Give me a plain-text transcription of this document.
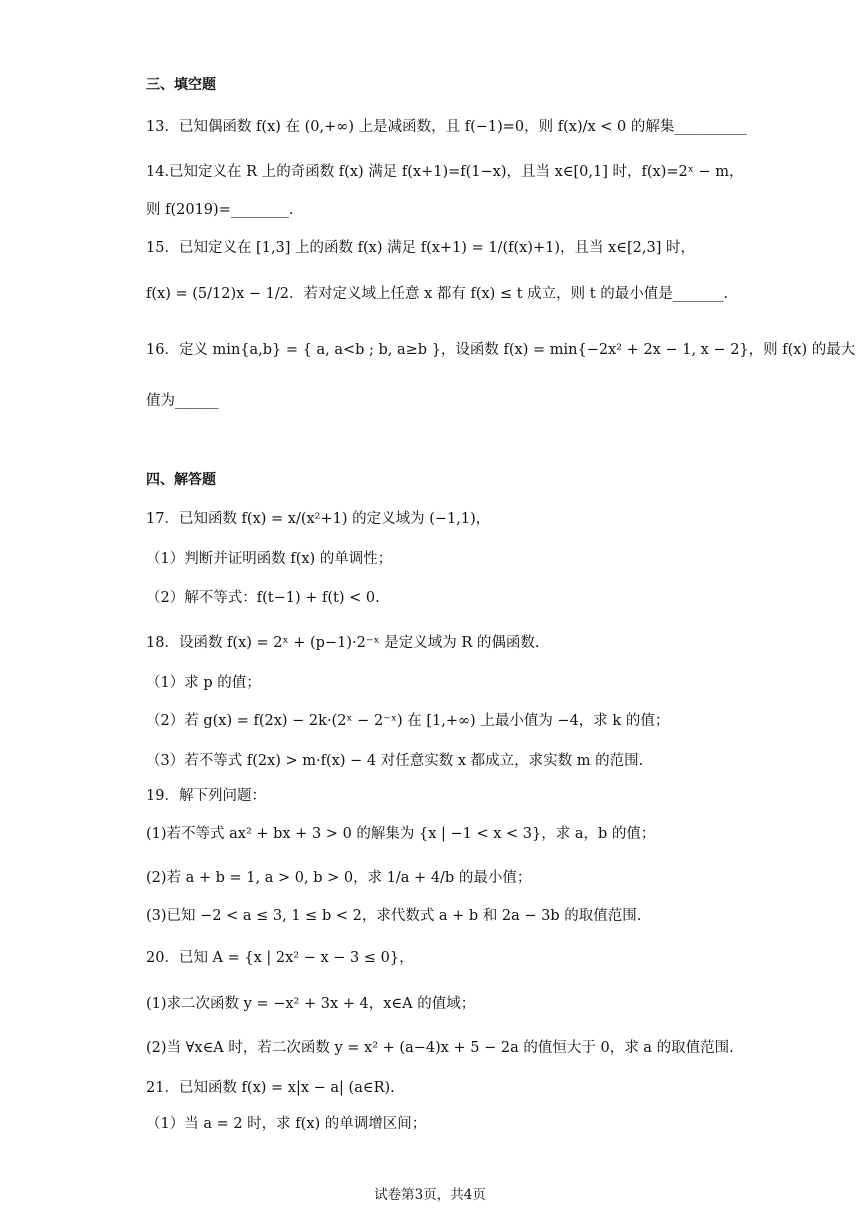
三、填空题
13．已知偶函数 f(x) 在 (0,+∞) 上是减函数，且 f(−1)=0，则 f(x)/x < 0 的解集__________
14.已知定义在 R 上的奇函数 f(x) 满足 f(x+1)=f(1−x)，且当 x∈[0,1] 时，f(x)=2ˣ − m，
则 f(2019)=________.
15．已知定义在 [1,3] 上的函数 f(x) 满足 f(x+1) = 1/(f(x)+1)，且当 x∈[2,3] 时，
f(x) = (5/12)x − 1/2．若对定义域上任意 x 都有 f(x) ≤ t 成立，则 t 的最小值是_______.
16．定义 min{a,b} = { a, a<b ; b, a≥b }，设函数 f(x) = min{−2x² + 2x − 1, x − 2}，则 f(x) 的最大
值为______
四、解答题
17．已知函数 f(x) = x/(x²+1) 的定义域为 (−1,1)，
（1）判断并证明函数 f(x) 的单调性；
（2）解不等式：f(t−1) + f(t) < 0.
18．设函数 f(x) = 2ˣ + (p−1)·2⁻ˣ 是定义域为 R 的偶函数.
（1）求 p 的值；
（2）若 g(x) = f(2x) − 2k·(2ˣ − 2⁻ˣ) 在 [1,+∞) 上最小值为 −4，求 k 的值；
（3）若不等式 f(2x) > m·f(x) − 4 对任意实数 x 都成立，求实数 m 的范围.
19．解下列问题：
(1)若不等式 ax² + bx + 3 > 0 的解集为 {x | −1 < x < 3}，求 a，b 的值；
(2)若 a + b = 1, a > 0, b > 0，求 1/a + 4/b 的最小值；
(3)已知 −2 < a ≤ 3, 1 ≤ b < 2，求代数式 a + b 和 2a − 3b 的取值范围.
20．已知 A = {x | 2x² − x − 3 ≤ 0}，
(1)求二次函数 y = −x² + 3x + 4，x∈A 的值域；
(2)当 ∀x∈A 时，若二次函数 y = x² + (a−4)x + 5 − 2a 的值恒大于 0，求 a 的取值范围.
21．已知函数 f(x) = x|x − a| (a∈R).
（1）当 a = 2 时，求 f(x) 的单调增区间；
试卷第3页，共4页
